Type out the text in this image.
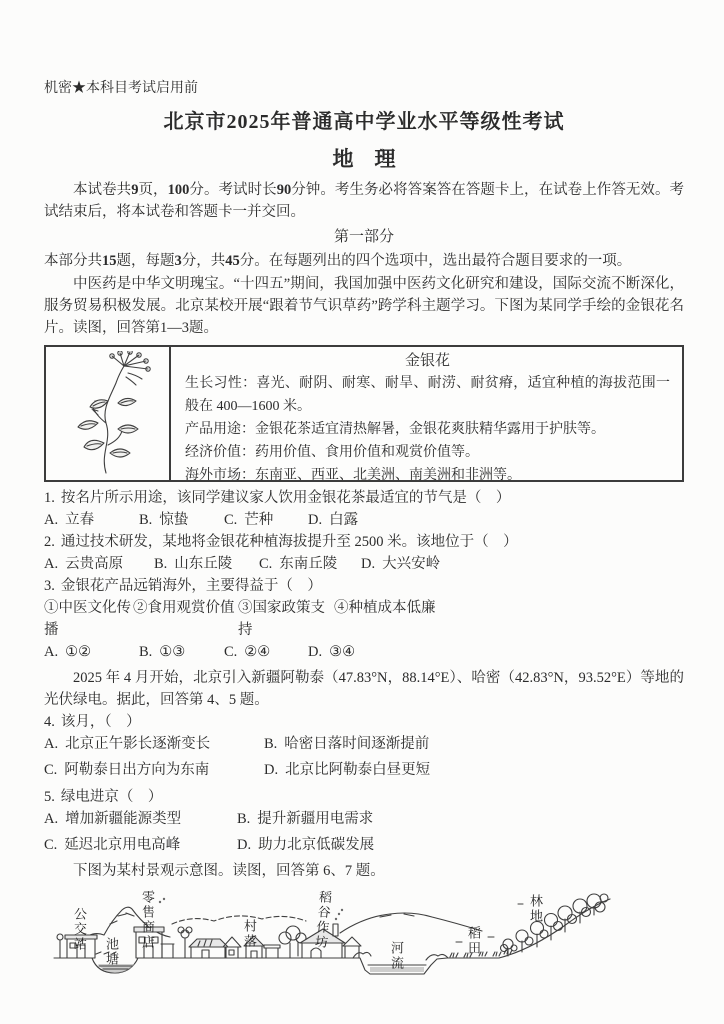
机密★本科目考试启用前

北京市2025年普通高中学业水平等级性考试

地　理

本试卷共9页，100分。考试时长90分钟。考生务必将答案答在答题卡上，在试卷上作答无效。考试结束后，将本试卷和答题卡一并交回。

第一部分

本部分共15题，每题3分，共45分。在每题列出的四个选项中，选出最符合题目要求的一项。

中医药是中华文明瑰宝。“十四五”期间，我国加强中医药文化研究和建设，国际交流不断深化，服务贸易积极发展。北京某校开展“跟着节气识草药”跨学科主题学习。下图为某同学手绘的金银花名片。读图，回答第1—3题。

金银花

生长习性：喜光、耐阴、耐寒、耐旱、耐涝、耐贫瘠，适宜种植的海拔范围一般在 400—1600 米。

产品用途：金银花茶适宜清热解暑，金银花爽肤精华露用于护肤等。

经济价值：药用价值、食用价值和观赏价值等。

海外市场：东南亚、西亚、北美洲、南美洲和非洲等。

1. 按名片所示用途，该同学建议家人饮用金银花茶最适宜的节气是（　）

A. 立春	B. 惊蛰	C. 芒种	D. 白露

2. 通过技术研发，某地将金银花种植海拔提升至 2500 米。该地位于（　）

A. 云贵高原	B. 山东丘陵	C. 东南丘陵	D. 大兴安岭

3. 金银花产品远销海外，主要得益于（　）

①中医文化传播
②食用观赏价值 ③国家政策支持
④种植成本低廉
A. ①②	B. ①③	C. ②④	D. ③④

2025 年 4 月开始，北京引入新疆阿勒泰（47.83°N，88.14°E）、哈密（42.83°N，93.52°E）等地的光伏绿电。据此，回答第 4、5 题。

4. 该月，（　）

A. 北京正午影长逐渐变长	B. 哈密日落时间逐渐提前
C. 阿勒泰日出方向为东南	D. 北京比阿勒泰白昼更短

5. 绿电进京（　）

A. 增加新疆能源类型	B. 提升新疆用电需求
C. 延迟北京用电高峰	D. 助力北京低碳发展

下图为某村景观示意图。读图，回答第 6、7 题。

公交站 池塘
零售商店	村落	稻谷作坊
河流	稻田
林地
